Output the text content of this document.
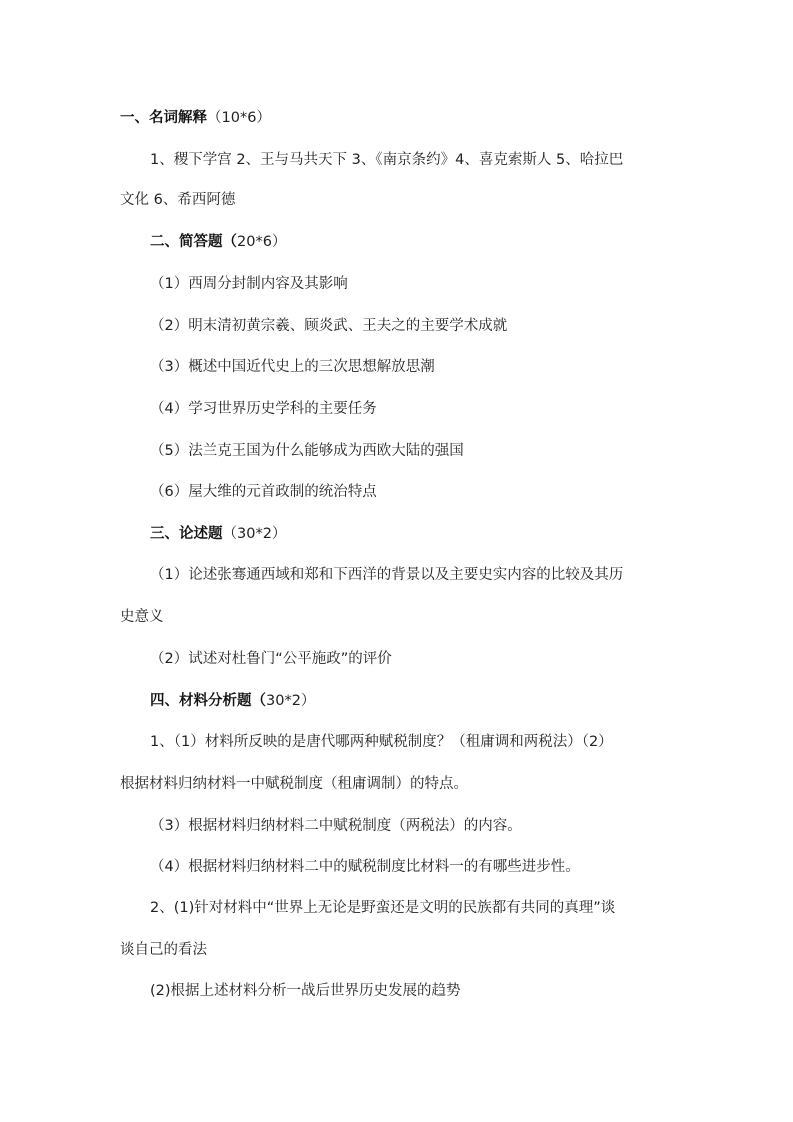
一、名词解释（10*6）
1、稷下学宫 2、王与马共天下 3、《南京条约》4、喜克索斯人 5、哈拉巴
文化 6、希西阿德
二、简答题（20*6）
（1）西周分封制内容及其影响
（2）明末清初黄宗羲、顾炎武、王夫之的主要学术成就
（3）概述中国近代史上的三次思想解放思潮
（4）学习世界历史学科的主要任务
（5）法兰克王国为什么能够成为西欧大陆的强国
（6）屋大维的元首政制的统治特点
三、论述题（30*2）
（1）论述张骞通西域和郑和下西洋的背景以及主要史实内容的比较及其历
史意义
（2）试述对杜鲁门“公平施政”的评价
四、材料分析题（30*2）
1、（1）材料所反映的是唐代哪两种赋税制度？（租庸调和两税法）（2）
根据材料归纳材料一中赋税制度（租庸调制）的特点。
（3）根据材料归纳材料二中赋税制度（两税法）的内容。
（4）根据材料归纳材料二中的赋税制度比材料一的有哪些进步性。
2、(1)针对材料中“世界上无论是野蛮还是文明的民族都有共同的真理”谈
谈自己的看法
(2)根据上述材料分析一战后世界历史发展的趋势
